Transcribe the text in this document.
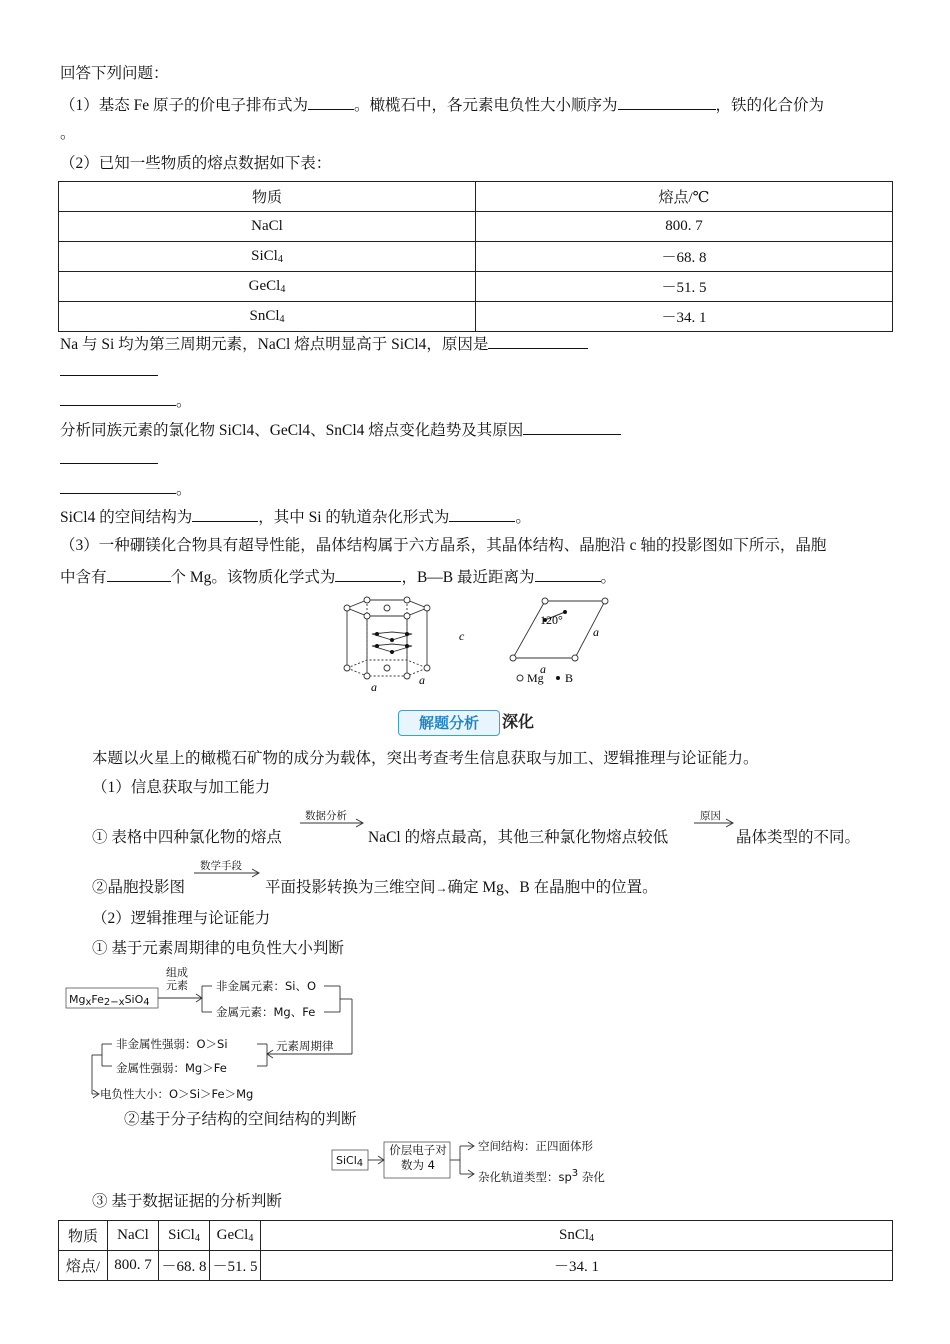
回答下列问题：
（1）基态 Fe 原子的价电子排布式为	。橄榄石中，各元素电负性大小顺序为	，铁的化合价为
。
（2）已知一些物质的熔点数据如下表：
物质	熔点/℃
NaCl	800. 7
SiCl$_4$	－68. 8
GeCl$_4$	－51. 5
SnCl$_4$	－34. 1
Na 与 Si 均为第三周期元素，NaCl 熔点明显高于 SiCl4，原因是
。
分析同族元素的氯化物 SiCl4、GeCl4、SnCl4 熔点变化趋势及其原因
。
SiCl4 的空间结构为	，其中 Si 的轨道杂化形式为	。
（3）一种硼镁化合物具有超导性能，晶体结构属于六方晶系，其晶体结构、晶胞沿 c 轴的投影图如下所示，晶胞
中含有	个 Mg。该物质化学式为	，B—B 最近距离为	。
a	a
c
120°
a
a
Mg B
解题分析	深化
本题以火星上的橄榄石矿物的成分为载体，突出考查考生信息获取与加工、逻辑推理与论证能力。
（1）信息获取与加工能力
① 表格中四种氯化物的熔点
数据分析
NaCl 的熔点最高，其他三种氯化物熔点较低
原因
晶体类型的不同。
②晶胞投影图
数学手段
平面投影转换为三维空间→确定 Mg、B 在晶胞中的位置。
（2）逻辑推理与论证能力
① 基于元素周期律的电负性大小判断
$Mg_xFe_{2-x}SiO_4$
组成元素	非金属元素：Si、O
金属元素：Mg、Fe
元素周期律
非金属性强弱：O＞Si
金属性强弱：Mg＞Fe
电负性大小：O＞Si＞Fe＞Mg
②基于分子结构的空间结构的判断
SiCl$_4$
价层电子对数为 4
空间结构：正四面体形
杂化轨道类型：$sp^3$ 杂化
③ 基于数据证据的分析判断
物质	NaCl	SiCl$_4$	GeCl$_4$	SnCl$_4$
熔点/	800. 7	－68. 8	－51. 5	－34. 1
